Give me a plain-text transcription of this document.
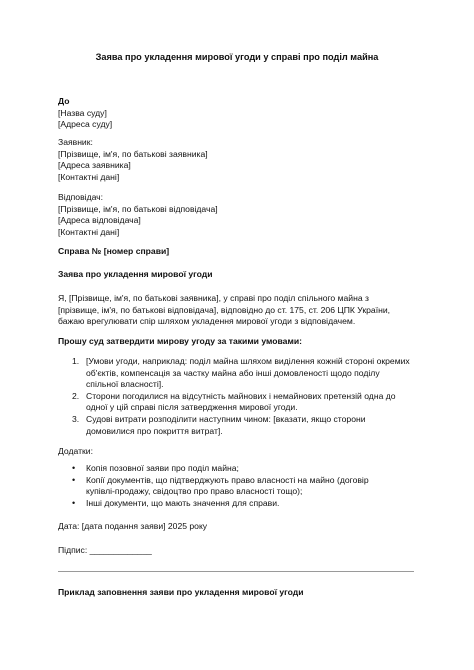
Заява про укладення мирової угоди у справі про поділ майна
До
[Назва суду]
[Адреса суду]
Заявник:
[Прізвище, ім'я, по батькові заявника]
[Адреса заявника]
[Контактні дані]
Відповідач:
[Прізвище, ім'я, по батькові відповідача]
[Адреса відповідача]
[Контактні дані]
Справа № [номер справи]
Заява про укладення мирової угоди
Я, [Прізвище, ім'я, по батькові заявника], у справі про поділ спільного майна з
[прізвище, ім'я, по батькові відповідача], відповідно до ст. 175, ст. 206 ЦПК України,
бажаю врегулювати спір шляхом укладення мирової угоди з відповідачем.
Прошу суд затвердити мирову угоду за такими умовами:
1. [Умови угоди, наприклад: поділ майна шляхом виділення кожній стороні окремих
об'єктів, компенсація за частку майна або інші домовленості щодо поділу
спільної власності].
2. Сторони погодилися на відсутність майнових і немайнових претензій одна до
одної у цій справі після затвердження мирової угоди.
3. Судові витрати розподілити наступним чином: [вказати, якщо сторони
домовилися про покриття витрат].
Додатки:
• Копія позовної заяви про поділ майна;
• Копії документів, що підтверджують право власності на майно (договір
купівлі-продажу, свідоцтво про право власності тощо);
• Інші документи, що мають значення для справи.
Дата: [дата подання заяви] 2025 року
Підпис: _____________
Приклад заповнення заяви про укладення мирової угоди
